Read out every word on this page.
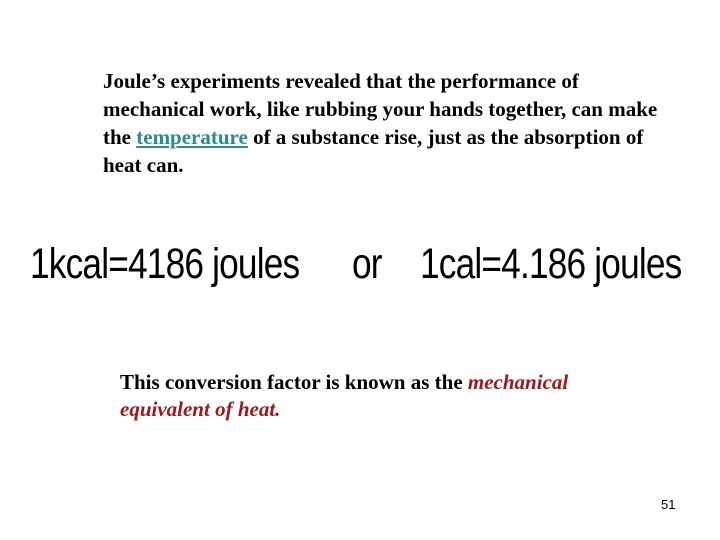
Joule’s experiments revealed that the performance of mechanical work, like rubbing your hands together, can make the temperature of a substance rise, just as the absorption of heat can.

1kcal=4186 joules or 1cal=4.186 joules

This conversion factor is known as the mechanical equivalent of heat.

51
